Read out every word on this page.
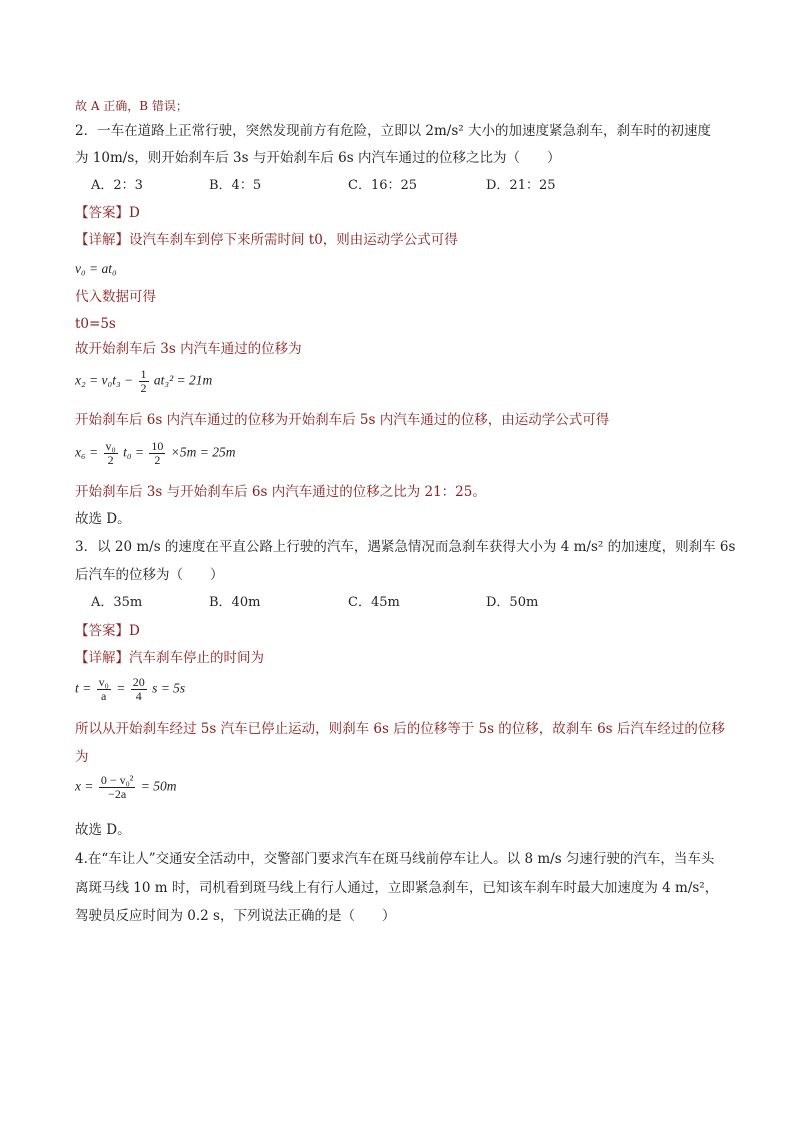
故 A 正确，B 错误；
2．一车在道路上正常行驶，突然发现前方有危险，立即以 2m/s² 大小的加速度紧急刹车，刹车时的初速度
为 10m/s，则开始刹车后 3s 与开始刹车后 6s 内汽车通过的位移之比为（　　）
A．2：3	B．4：5	C．16：25	D．21：25
【答案】D
【详解】设汽车刹车到停下来所需时间 t0，则由运动学公式可得
v₀ = at₀
代入数据可得
t0=5s
故开始刹车后 3s 内汽车通过的位移为
$x_2 = v_0t_3 - \frac{1}{2} at_3^2 = 21m$
开始刹车后 6s 内汽车通过的位移为开始刹车后 5s 内汽车通过的位移，由运动学公式可得
$x_6 = \frac{\text{v₀}}{2} t_0 = \frac{10}{2} \times 5m = 25m$
开始刹车后 3s 与开始刹车后 6s 内汽车通过的位移之比为 21：25。
故选 D。
3．以 20 m/s 的速度在平直公路上行驶的汽车，遇紧急情况而急刹车获得大小为 4 m/s² 的加速度，则刹车 6s
后汽车的位移为（　　）
A．35m	B．40m	C．45m	D．50m
【答案】D
【详解】汽车刹车停止的时间为
$t = \frac{\text{v₀}}{a} = \frac{20}{4}$ s = 5s
所以从开始刹车经过 5s 汽车已停止运动，则刹车 6s 后的位移等于 5s 的位移，故刹车 6s 后汽车经过的位移
为
$x = \frac{\text{0 − v₀²}}{-2a} = 50m$
故选 D。
4.在“车让人”交通安全活动中，交警部门要求汽车在斑马线前停车让人。以 8 m/s 匀速行驶的汽车，当车头
离斑马线 10 m 时，司机看到斑马线上有行人通过，立即紧急刹车，已知该车刹车时最大加速度为 4 m/s²，
驾驶员反应时间为 0.2 s，下列说法正确的是（　　）
